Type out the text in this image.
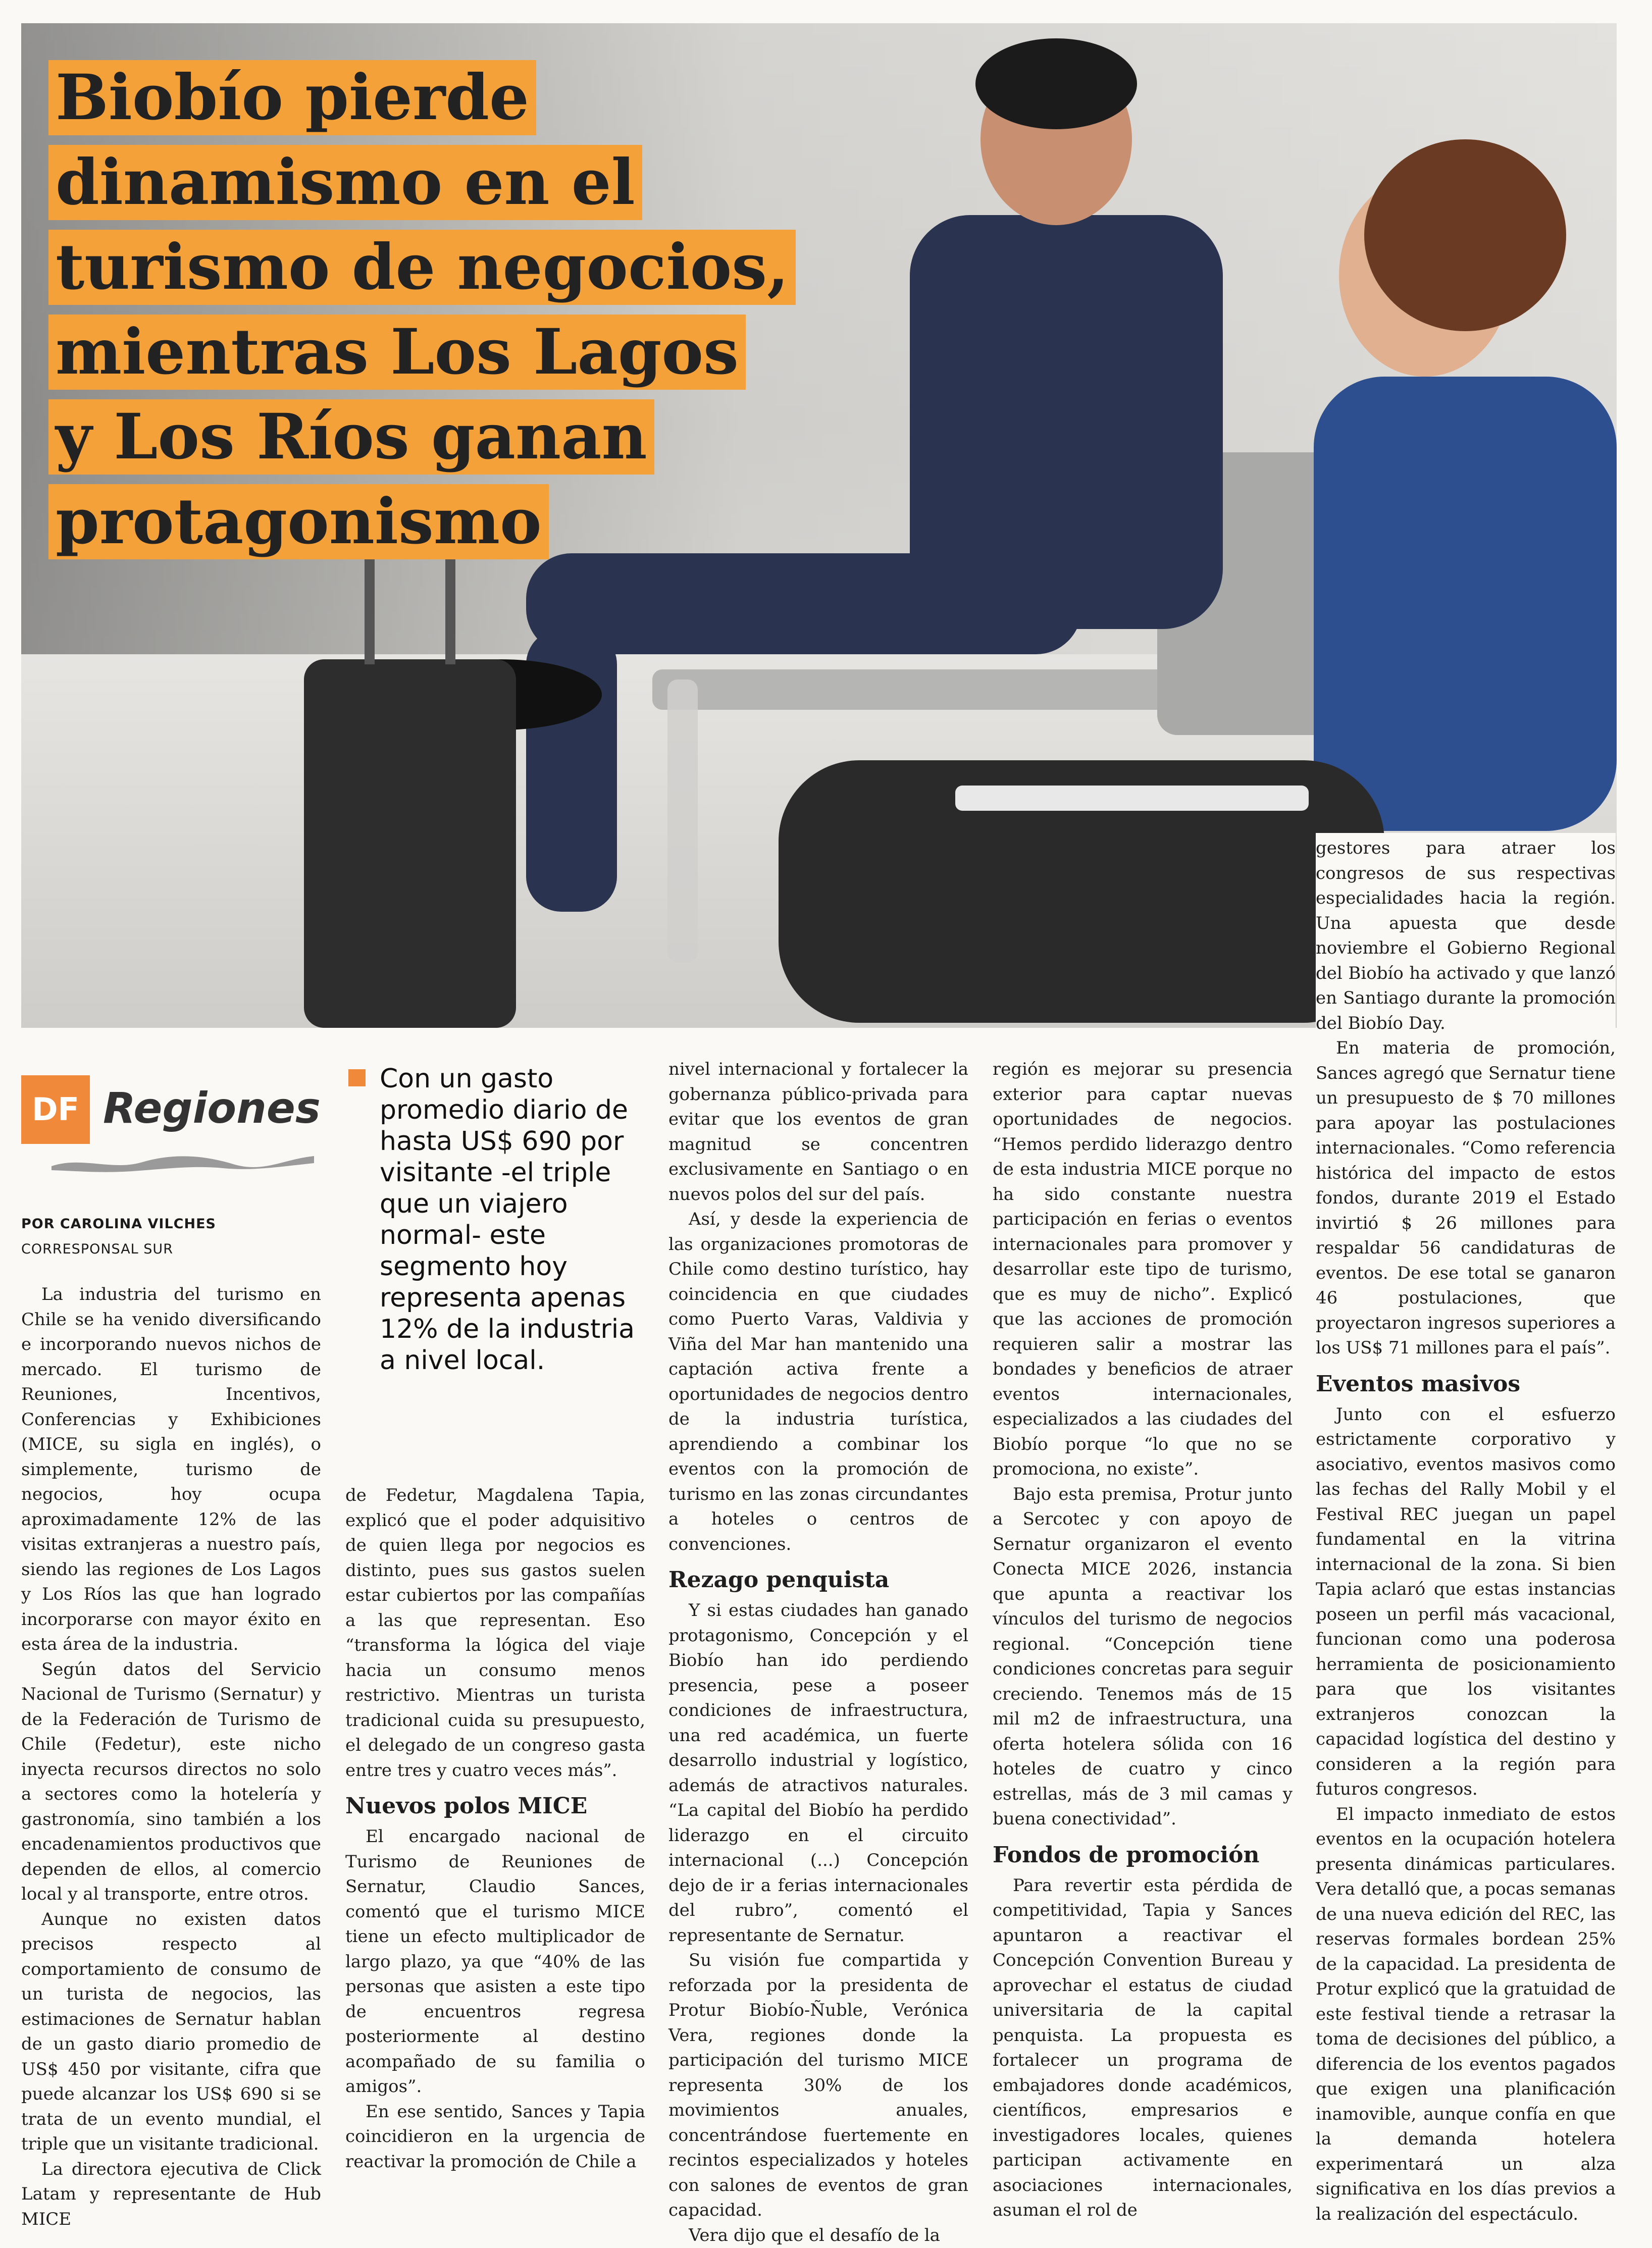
Biobío pierde
dinamismo en el
turismo de negocios,
mientras Los Lagos
y Los Ríos ganan
protagonismo
DF Regiones
POR CAROLINA VILCHES
CORRESPONSAL SUR
Con un gasto promedio diario de hasta US$ 690 por visitante -el triple que un viajero normal- este segmento hoy representa apenas 12% de la industria a nivel local.

La industria del turismo en Chile se ha venido diversificando e incorporando nuevos nichos de mercado. El turismo de Reuniones, Incentivos, Conferencias y Exhibiciones (MICE, su sigla en inglés), o simplemente, turismo de negocios, hoy ocupa aproximadamente 12% de las visitas extranjeras a nuestro país, siendo las regiones de Los Lagos y Los Ríos las que han logrado incorporarse con mayor éxito en esta área de la industria.

Según datos del Servicio Nacional de Turismo (Sernatur) y de la Federación de Turismo de Chile (Fedetur), este nicho inyecta recursos directos no solo a sectores como la hotelería y gastronomía, sino también a los encadenamientos productivos que dependen de ellos, al comercio local y al transporte, entre otros.

Aunque no existen datos precisos respecto al comportamiento de consumo de un turista de negocios, las estimaciones de Sernatur hablan de un gasto diario promedio de US$ 450 por visitante, cifra que puede alcanzar los US$ 690 si se trata de un evento mundial, el triple que un visitante tradicional.

La directora ejecutiva de Click Latam y representante de Hub MICE

de Fedetur, Magdalena Tapia, explicó que el poder adquisitivo de quien llega por negocios es distinto, pues sus gastos suelen estar cubiertos por las compañías a las que representan. Eso “transforma la lógica del viaje hacia un consumo menos restrictivo. Mientras un turista tradicional cuida su presupuesto, el delegado de un congreso gasta entre tres y cuatro veces más”.

Nuevos polos MICE

El encargado nacional de Turismo de Reuniones de Sernatur, Claudio Sances, comentó que el turismo MICE tiene un efecto multiplicador de largo plazo, ya que “40% de las personas que asisten a este tipo de encuentros regresa posteriormente al destino acompañado de su familia o amigos”.

En ese sentido, Sances y Tapia coincidieron en la urgencia de reactivar la promoción de Chile a

nivel internacional y fortalecer la gobernanza público-privada para evitar que los eventos de gran magnitud se concentren exclusivamente en Santiago o en nuevos polos del sur del país.

Así, y desde la experiencia de las organizaciones promotoras de Chile como destino turístico, hay coincidencia en que ciudades como Puerto Varas, Valdivia y Viña del Mar han mantenido una captación activa frente a oportunidades de negocios dentro de la industria turística, aprendiendo a combinar los eventos con la promoción de turismo en las zonas circundantes a hoteles o centros de convenciones.

Rezago penquista

Y si estas ciudades han ganado protagonismo, Concepción y el Biobío han ido perdiendo presencia, pese a poseer condiciones de infraestructura, una red académica, un fuerte desarrollo industrial y logístico, además de atractivos naturales. “La capital del Biobío ha perdido liderazgo en el circuito internacional (...) Concepción dejo de ir a ferias internacionales del rubro”, comentó el representante de Sernatur.

Su visión fue compartida y reforzada por la presidenta de Protur Biobío-Ñuble, Verónica Vera, regiones donde la participación del turismo MICE representa 30% de los movimientos anuales, concentrándose fuertemente en recintos especializados y hoteles con salones de eventos de gran capacidad.

Vera dijo que el desafío de la

región es mejorar su presencia exterior para captar nuevas oportunidades de negocios. “Hemos perdido liderazgo dentro de esta industria MICE porque no ha sido constante nuestra participación en ferias o eventos internacionales para promover y desarrollar este tipo de turismo, que es muy de nicho”. Explicó que las acciones de promoción requieren salir a mostrar las bondades y beneficios de atraer eventos internacionales, especializados a las ciudades del Biobío porque “lo que no se promociona, no existe”.

Bajo esta premisa, Protur junto a Sercotec y con apoyo de Sernatur organizaron el evento Conecta MICE 2026, instancia que apunta a reactivar los vínculos del turismo de negocios regional. “Concepción tiene condiciones concretas para seguir creciendo. Tenemos más de 15 mil m2 de infraestructura, una oferta hotelera sólida con 16 hoteles de cuatro y cinco estrellas, más de 3 mil camas y buena conectividad”.

Fondos de promoción

Para revertir esta pérdida de competitividad, Tapia y Sances apuntaron a reactivar el Concepción Convention Bureau y aprovechar el estatus de ciudad universitaria de la capital penquista. La propuesta es fortalecer un programa de embajadores donde académicos, científicos, empresarios e investigadores locales, quienes participan activamente en asociaciones internacionales, asuman el rol de

gestores para atraer los congresos de sus respectivas especialidades hacia la región. Una apuesta que desde noviembre el Gobierno Regional del Biobío ha activado y que lanzó en Santiago durante la promoción del Biobío Day.

En materia de promoción, Sances agregó que Sernatur tiene un presupuesto de $ 70 millones para apoyar las postulaciones internacionales. “Como referencia histórica del impacto de estos fondos, durante 2019 el Estado invirtió $ 26 millones para respaldar 56 candidaturas de eventos. De ese total se ganaron 46 postulaciones, que proyectaron ingresos superiores a los US$ 71 millones para el país”.

Eventos masivos

Junto con el esfuerzo estrictamente corporativo y asociativo, eventos masivos como las fechas del Rally Mobil y el Festival REC juegan un papel fundamental en la vitrina internacional de la zona. Si bien Tapia aclaró que estas instancias poseen un perfil más vacacional, funcionan como una poderosa herramienta de posicionamiento para que los visitantes extranjeros conozcan la capacidad logística del destino y consideren a la región para futuros congresos.

El impacto inmediato de estos eventos en la ocupación hotelera presenta dinámicas particulares. Vera detalló que, a pocas semanas de una nueva edición del REC, las reservas formales bordean 25% de la capacidad. La presidenta de Protur explicó que la gratuidad de este festival tiende a retrasar la toma de decisiones del público, a diferencia de los eventos pagados que exigen una planificación inamovible, aunque confía en que la demanda hotelera experimentará un alza significativa en los días previos a la realización del espectáculo.
